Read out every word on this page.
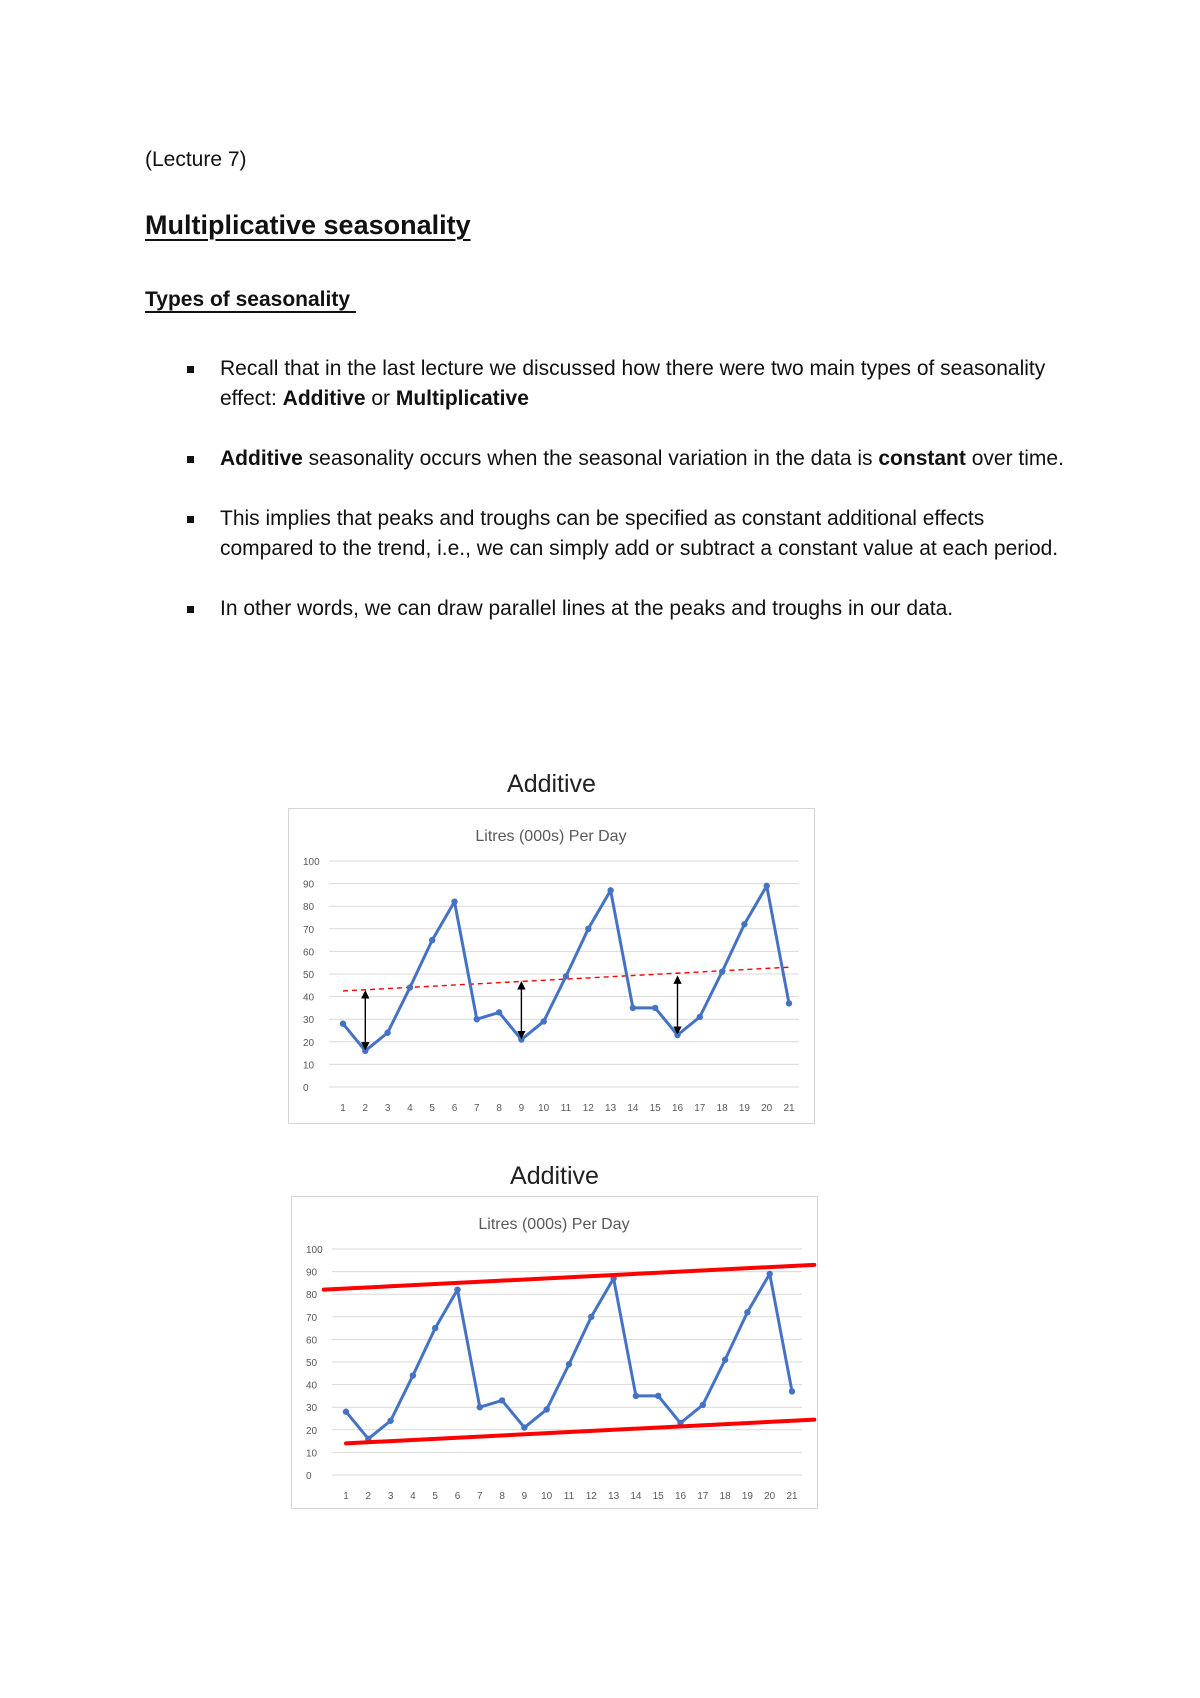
(Lecture 7)
Multiplicative seasonality
Types of seasonality
Recall that in the last lecture we discussed how there were two main types of seasonality effect: Additive or Multiplicative
Additive seasonality occurs when the seasonal variation in the data is constant over time.
This implies that peaks and troughs can be specified as constant additional effects compared to the trend, i.e., we can simply add or subtract a constant value at each period.
In other words, we can draw parallel lines at the peaks and troughs in our data.
Additive
Litres (000s) Per Day
0
10
20
30
40
50
60
70
80
90
100
1 2 3 4 5 6 7 8 9 10 11 12 13 14 15 16 17 18 19 20 21
Additive
Litres (000s) Per Day
0
10
20
30
40
50
60
70
80
90
100
1 2 3 4 5 6 7 8 9 10 11 12 13 14 15 16 17 18 19 20 21
